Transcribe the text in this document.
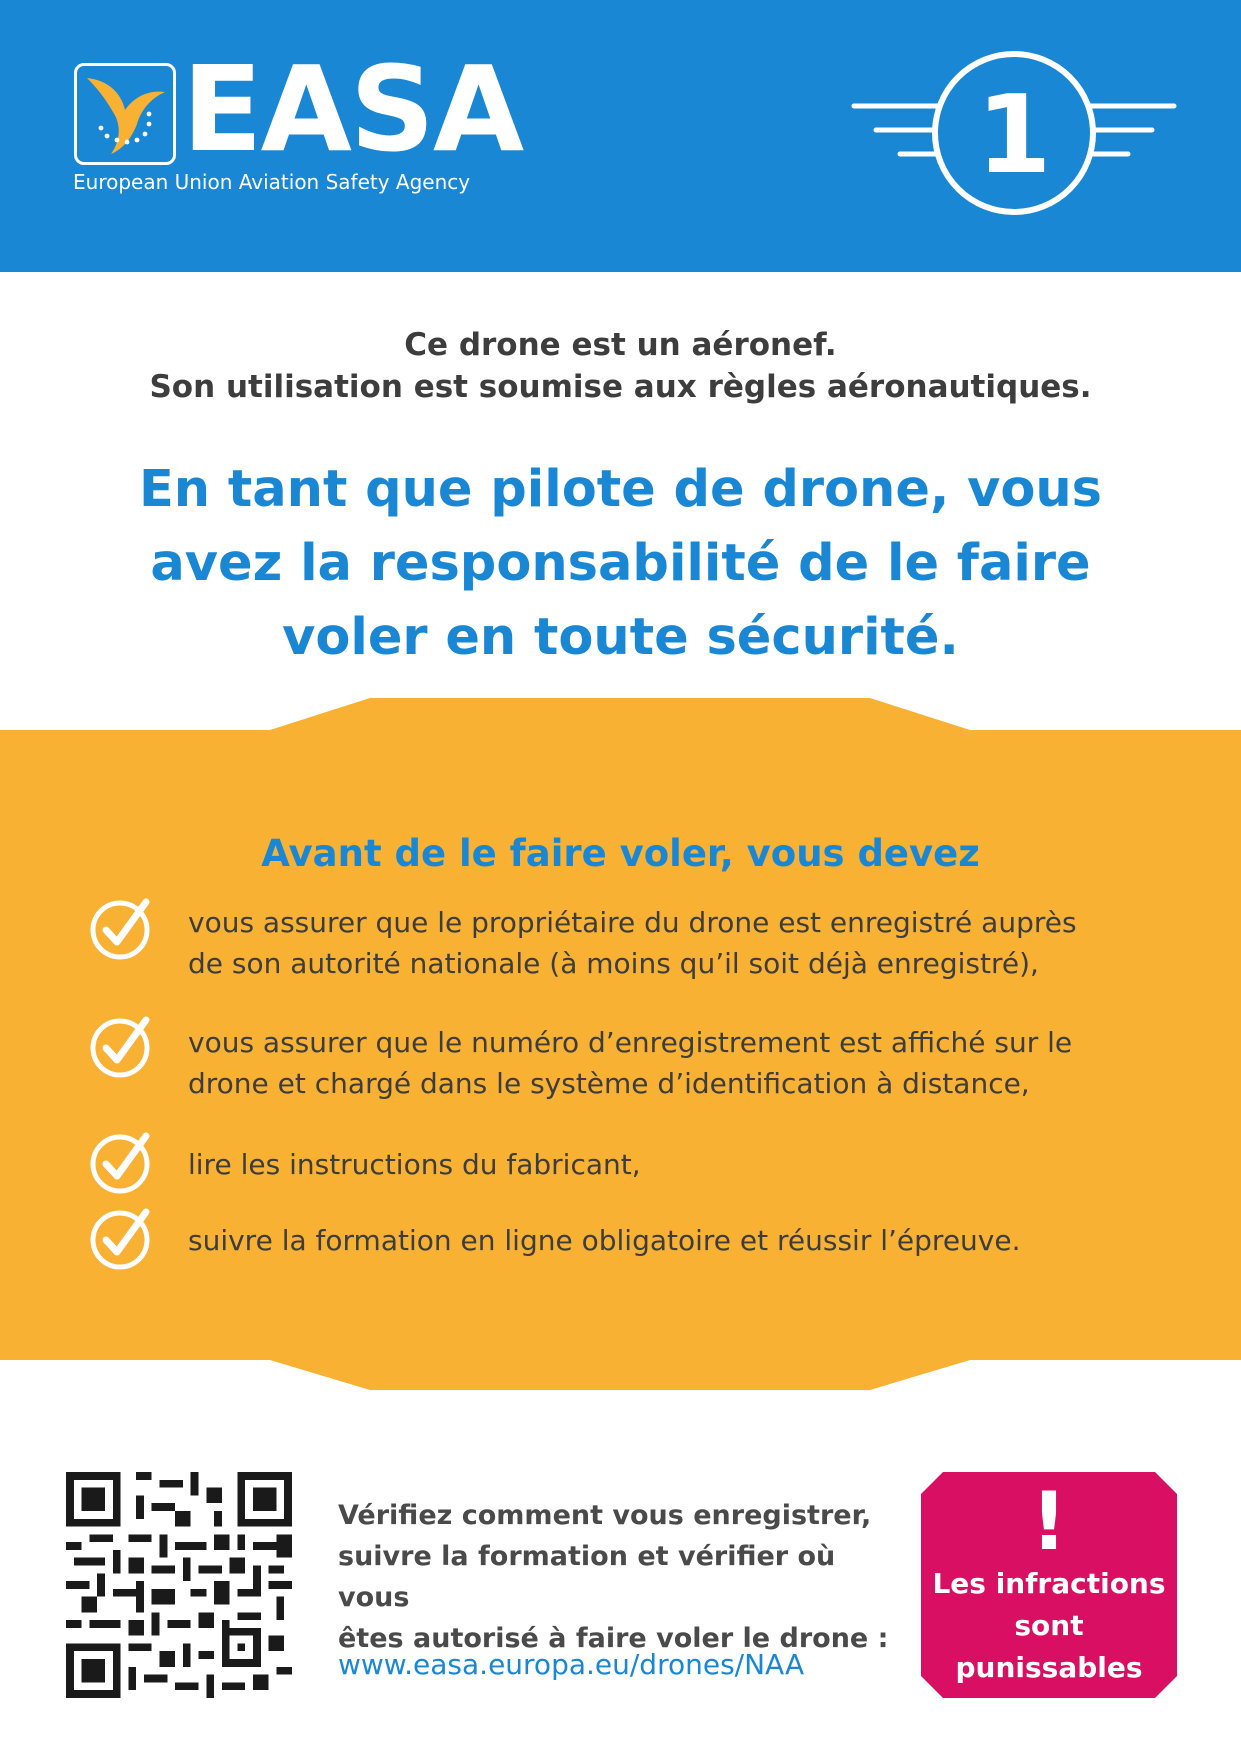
EASA
European Union Aviation Safety Agency	1
Ce drone est un aéronef.
Son utilisation est soumise aux règles aéronautiques.
En tant que pilote de drone, vous
avez la responsabilité de le faire
voler en toute sécurité.
Avant de le faire voler, vous devez
vous assurer que le propriétaire du drone est enregistré auprès
de son autorité nationale (à moins qu’il soit déjà enregistré),
vous assurer que le numéro d’enregistrement est affiché sur le
drone et chargé dans le système d’identification à distance,
lire les instructions du fabricant,
suivre la formation en ligne obligatoire et réussir l’épreuve.
Vérifiez comment vous enregistrer,
suivre la formation et vérifier où vous
êtes autorisé à faire voler le drone :
www.easa.europa.eu/drones/NAA
!
Les infractions
sont punissables
par la loi.
